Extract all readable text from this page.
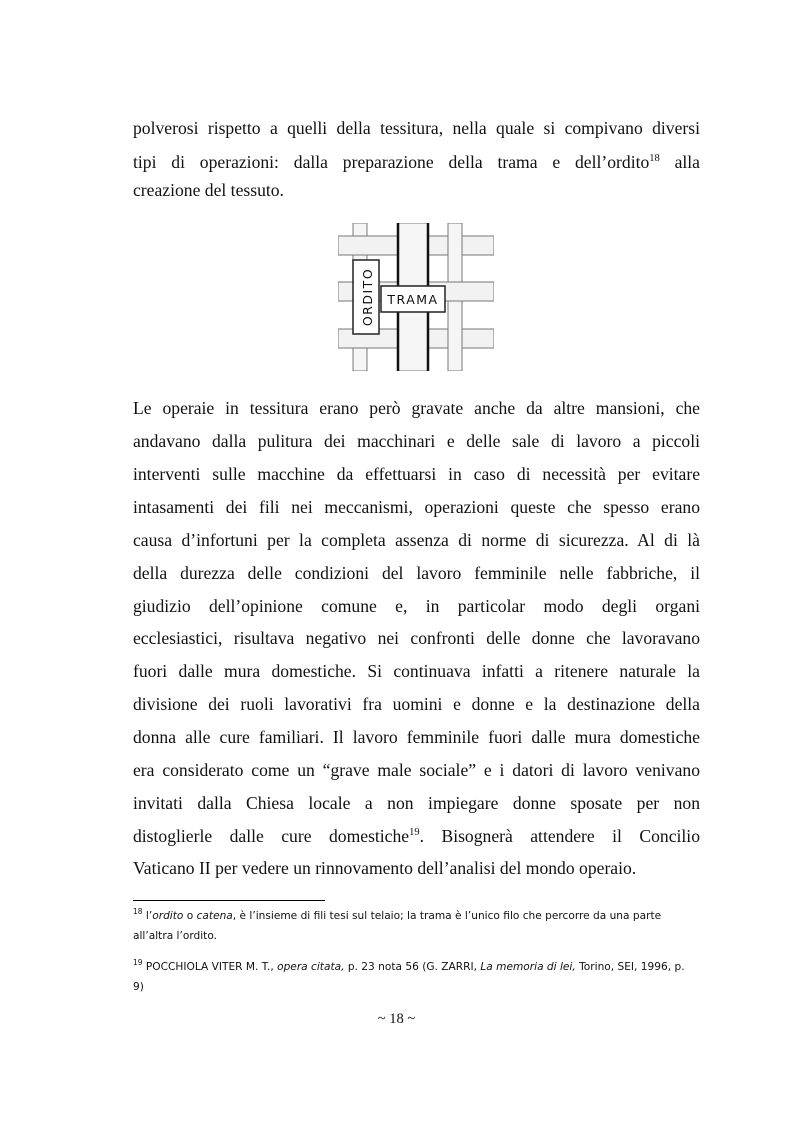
polverosi rispetto a quelli della tessitura, nella quale si compivano diversi
tipi di operazioni: dalla preparazione della trama e dell’ordito$^{18}$ alla
creazione del tessuto.
ORDITO TRAMA
Le operaie in tessitura erano però gravate anche da altre mansioni, che
andavano dalla pulitura dei macchinari e delle sale di lavoro a piccoli
interventi sulle macchine da effettuarsi in caso di necessità per evitare
intasamenti dei fili nei meccanismi, operazioni queste che spesso erano
causa d’infortuni per la completa assenza di norme di sicurezza. Al di là
della durezza delle condizioni del lavoro femminile nelle fabbriche, il
giudizio dell’opinione comune e, in particolar modo degli organi
ecclesiastici, risultava negativo nei confronti delle donne che lavoravano
fuori dalle mura domestiche. Si continuava infatti a ritenere naturale la
divisione dei ruoli lavorativi fra uomini e donne e la destinazione della
donna alle cure familiari. Il lavoro femminile fuori dalle mura domestiche
era considerato come un “grave male sociale” e i datori di lavoro venivano
invitati dalla Chiesa locale a non impiegare donne sposate per non
distoglierle dalle cure domestiche$^{19}$. Bisognerà attendere il Concilio
Vaticano II per vedere un rinnovamento dell’analisi del mondo operaio.
$^{18}$ l’ordito o catena, è l’insieme di fili tesi sul telaio; la trama è l’unico filo che percorre da una parte
all’altra l’ordito.
$^{19}$ POCCHIOLA VITER M. T., opera citata, p. 23 nota 56 (G. ZARRI, La memoria di lei, Torino, SEI, 1996, p.
9)
~ 18 ~
